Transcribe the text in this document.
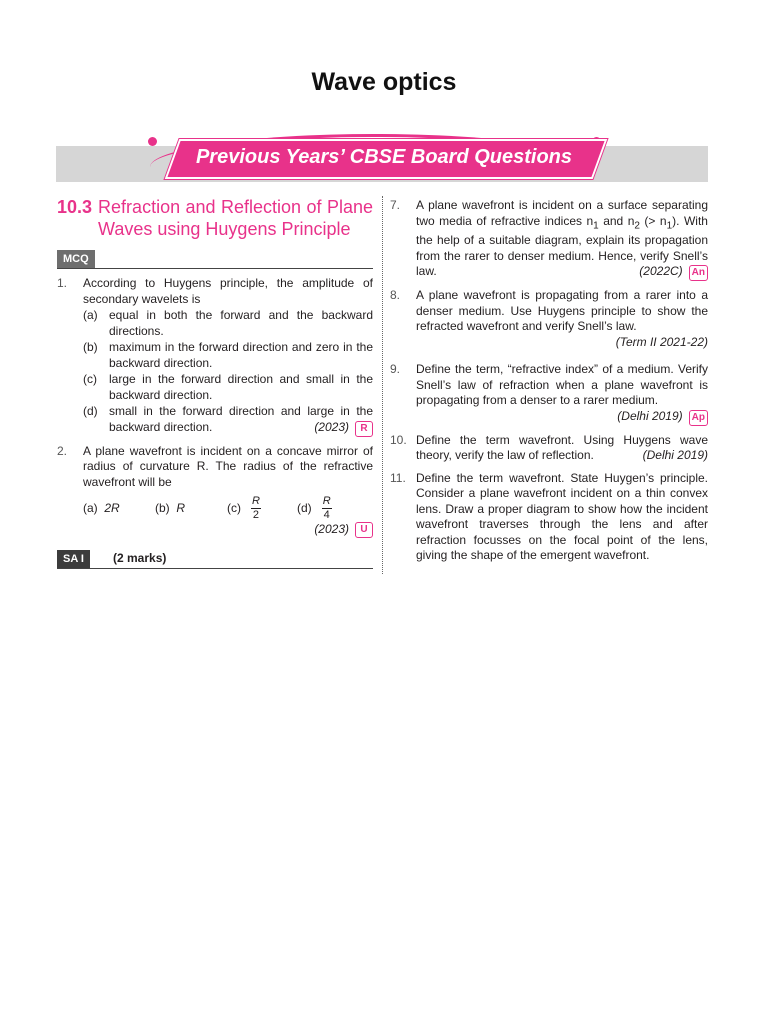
Wave optics
Previous Years’ CBSE Board Questions
10.3 Refraction and Reflection of Plane Waves using Huygens Principle
MCQ
1.	According to Huygens principle, the amplitude of secondary wavelets is
(a) equal in both the forward and the backward directions.
(b) maximum in the forward direction and zero in the backward direction.
(c)	large in the forward direction and small in the backward direction.
(d) small in the forward direction and large in the backward direction.	(2023) R
2.	A plane wavefront is incident on a concave mirror of radius of curvature R. The radius of the refractive wavefront will be
(a)
2R	(b)
R	(c)
$\frac{R}{2}$	(d)
$\frac{R}{4}$
(2023)	U
SA I	(2 marks)
7.	A plane wavefront is incident on a surface separating two media of refractive indices $n_1$ and $n_2$ (> $n_1$). With the help of a suitable diagram, explain its propagation from the rarer to denser medium. Hence, verify Snell’s law.	(2022C) An
8.	A plane wavefront is propagating from a rarer into a denser medium. Use Huygens principle to show the refracted wavefront and verify Snell’s law.
(Term II 2021-22)
9.	Define the term, “refractive index” of a medium. Verify Snell’s law of refraction when a plane wavefront is propagating from a denser to a rarer medium.
(Delhi 2019) Ap
10. Define the term wavefront. Using Huygens wave theory, verify the law of reflection.	(Delhi 2019)
11. Define the term wavefront. State Huygen’s principle. Consider a plane wavefront incident on a thin convex lens. Draw a proper diagram to show how the incident wavefront traverses through the lens and after refraction focusses on the focal point of the lens, giving the shape of the emergent wavefront.
